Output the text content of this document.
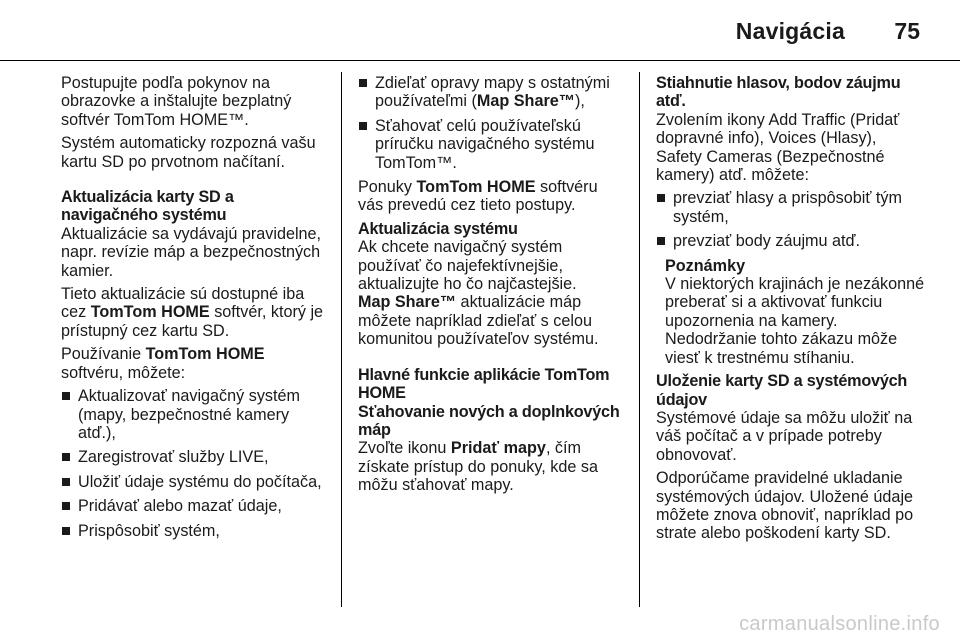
Navigácia 75

Postupujte podľa pokynov na obrazovke a inštalujte bezplatný softvér TomTom HOME™.

Systém automaticky rozpozná vašu kartu SD po prvotnom načítaní.

Aktualizácia karty SD a navigačného systému

Aktualizácie sa vydávajú pravidelne, napr. revízie máp a bezpečnostných kamier.

Tieto aktualizácie sú dostupné iba cez TomTom HOME softvér, ktorý je prístupný cez kartu SD.

Používanie TomTom HOME softvéru, môžete:

Aktualizovať navigačný systém (mapy, bezpečnostné kamery atď.),
Zaregistrovať služby LIVE,
Uložiť údaje systému do počítača,
Pridávať alebo mazať údaje,
Prispôsobiť systém,
Zdieľať opravy mapy s ostatnými používateľmi (Map Share™),
Sťahovať celú používateľskú príručku navigačného systému TomTom™.

Ponuky TomTom HOME softvéru vás prevedú cez tieto postupy.

Aktualizácia systému

Ak chcete navigačný systém používať čo najefektívnejšie, aktualizujte ho čo najčastejšie.

Map Share™ aktualizácie máp môžete napríklad zdieľať s celou komunitou používateľov systému.

Hlavné funkcie aplikácie TomTom HOME

Sťahovanie nových a doplnkových máp

Zvoľte ikonu Pridať mapy, čím získate prístup do ponuky, kde sa môžu sťahovať mapy.

Stiahnutie hlasov, bodov záujmu atď.

Zvolením ikony Add Traffic (Pridať dopravné info), Voices (Hlasy), Safety Cameras (Bezpečnostné kamery) atď. môžete:

prevziať hlasy a prispôsobiť tým systém,
prevziať body záujmu atď.

Poznámky

V niektorých krajinách je nezákonné preberať si a aktivovať funkciu upozornenia na kamery. Nedodržanie tohto zákazu môže viesť k trestnému stíhaniu.

Uloženie karty SD a systémových údajov

Systémové údaje sa môžu uložiť na váš počítač a v prípade potreby obnovovať.

Odporúčame pravidelné ukladanie systémových údajov. Uložené údaje môžete znova obnoviť, napríklad po strate alebo poškodení karty SD.

carmanualsonline.info
